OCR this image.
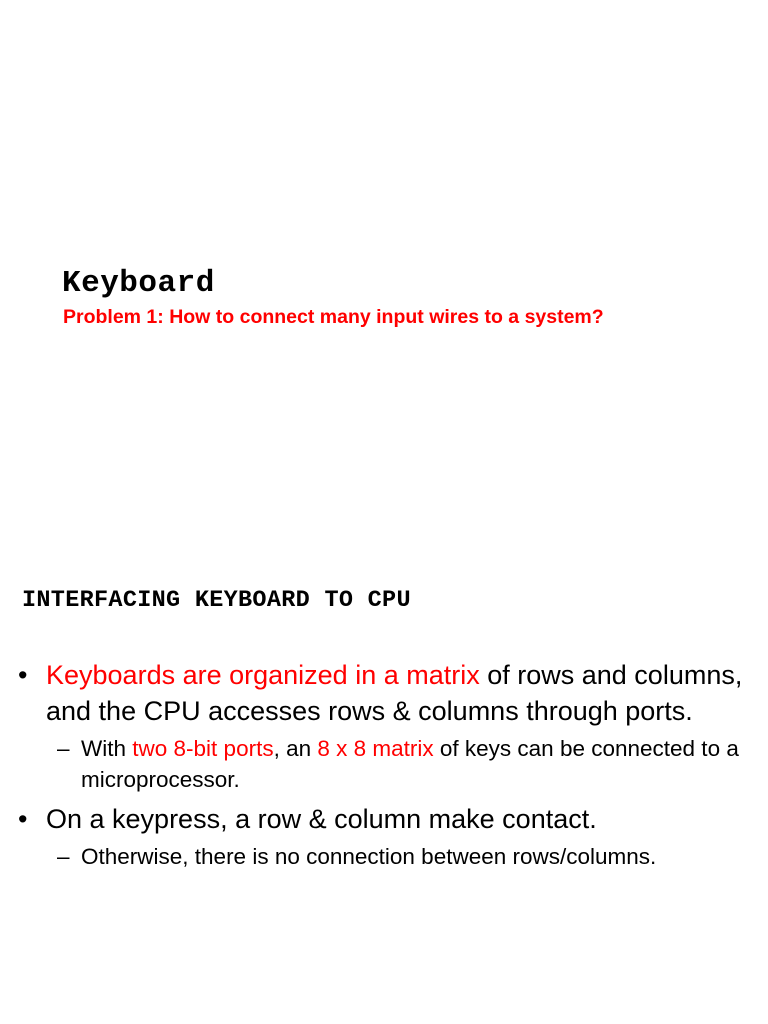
Keyboard

Problem 1: How to connect many input wires to a system?

INTERFACING KEYBOARD TO CPU
• Keyboards are organized in a matrix of rows and columns, and the CPU accesses rows & columns through ports.
– With two 8-bit ports, an 8 x 8 matrix of keys can be connected to a microprocessor.
• On a keypress, a row & column make contact.
– Otherwise, there is no connection between rows/columns.
